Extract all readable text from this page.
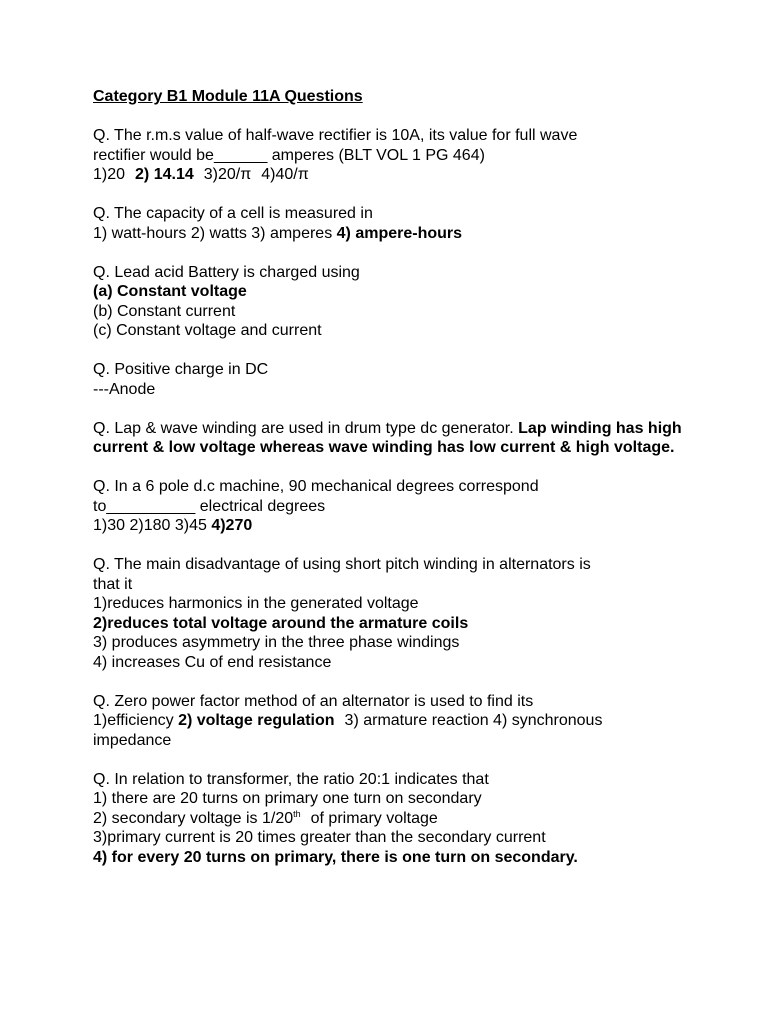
Category B1 Module 11A Questions
Q. The r.m.s value of half-wave rectifier is 10A, its value for full wave
rectifier would be______ amperes (BLT VOL 1 PG 464)
1)20 2) 14.14 3)20/π 4)40/π
Q. The capacity of a cell is measured in
1) watt-hours 2) watts 3) amperes 4) ampere-hours
Q. Lead acid Battery is charged using
(a) Constant voltage
(b) Constant current
(c) Constant voltage and current
Q. Positive charge in DC
---Anode
Q. Lap & wave winding are used in drum type dc generator. Lap winding has high current & low voltage whereas wave winding has low current & high voltage.
Q. In a 6 pole d.c machine, 90 mechanical degrees correspond
to__________ electrical degrees
1)30 2)180 3)45 4)270
Q. The main disadvantage of using short pitch winding in alternators is
that it
1)reduces harmonics in the generated voltage
2)reduces total voltage around the armature coils
3) produces asymmetry in the three phase windings
4) increases Cu of end resistance
Q. Zero power factor method of an alternator is used to find its
1)efficiency 2) voltage regulation 3) armature reaction 4) synchronous
impedance
Q. In relation to transformer, the ratio 20:1 indicates that
1) there are 20 turns on primary one turn on secondary
2) secondary voltage is 1/20th of primary voltage
3)primary current is 20 times greater than the secondary current
4) for every 20 turns on primary, there is one turn on secondary.
